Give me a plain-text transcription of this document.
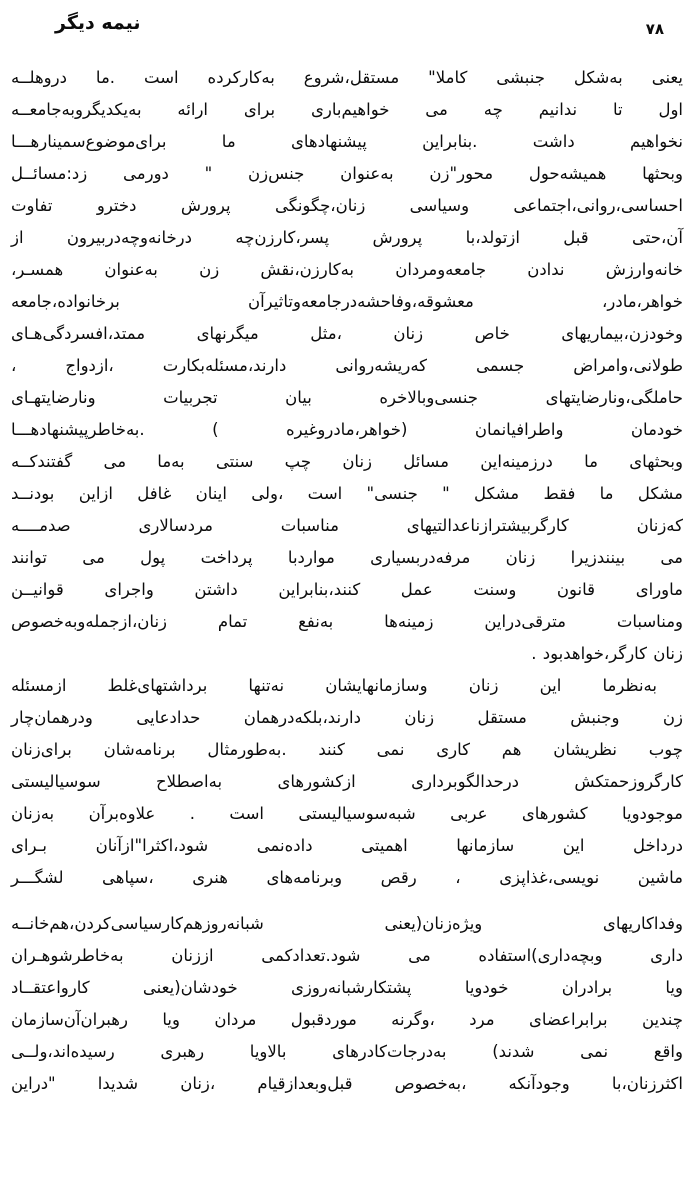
نیمه دیگر	۷۸
یعنی به‌شکل جنبشی کاملا" مستقل،شروع به‌کارکرده است .ما دروهلــه
اول تا ندانیم چه می خواهیم‌باری برای ارائه به‌یکدیگروبه‌جامعــه
نخواهیم داشت .بنابراین پیشنهادهای ما برای‌موضوع‌سمینارهـــا
وبحثها همیشه‌حول محور"زن به‌عنوان جنس‌زن " دورمی زد:مسائــل
احساسی،روانی،اجتماعی وسیاسی زنان،چگونگی پرورش دخترو تفاوت
آن،حتی قبل ازتولد،با پرورش پسر،کارزن‌چه درخانه‌وچه‌دربیرون از
خانه‌وارزش ندادن جامعه‌ومردان به‌کارزن،نقش زن به‌عنوان همسـر،
خواهر،مادر، معشوقه،وفاحشه‌درجامعه‌وتاثیرآن برخانواده،جامعه
وخودزن،بیماریهای خاص زنان ،مثل میگرنهای ممتد،افسردگی‌هـای
طولانی،وامراض جسمی که‌ریشه‌روانی دارند،مسئله‌بکارت ،ازدواج ،
حاملگی،ونارضایتهای جنسی‌وبالاخره بیان تجربیات ونارضایتهـای
خودمان واطرافیانمان (خواهر،مادروغیره ) .به‌خاطرپیشنهادهـــا
وبحثهای ما درزمینه‌این مسائل زنان چپ سنتی به‌ما می گفتندکــه
مشکل ما فقط مشکل " جنسی" است ،ولی اینان غافل ازاین بودنــد
که‌زنان کارگربیشترازناعدالتیهای مناسبات مردسالاری صدمــــه
می بینندزیرا زنان مرفه‌دربسیاری مواردبا پرداخت پول می توانند
ماورای قانون وسنت عمل کنند،بنابراین داشتن واجرای قوانیــن
ومناسبات مترقی‌دراین زمینه‌ها به‌نفع تمام زنان،ازجمله‌وبه‌خصوص
زنان کارگر،خواهدبود .
به‌نظرما این زنان وسازمانهایشان نه‌تنها برداشتهای‌غلط ازمسئله
زن وجنبش مستقل زنان دارند،بلکه‌درهمان حدادعایی ودرهمان‌چار
چوب نظریشان هم کاری نمی کنند .به‌طورمثال برنامه‌شان برای‌زنان
کارگروزحمتکش درحدالگوبرداری ازکشورهای به‌اصطلاح سوسیالیستی
موجودویا کشورهای عربی شبه‌سوسیالیستی است . علاوه‌برآن به‌زنان
درداخل این سازمانها اهمیتی داده‌نمی شود،اکثرا"ازآنان بـرای
ماشین نویسی،غذاپزی ، رقص وبرنامه‌های هنری ،سپاهی لشگـــر
وفداکاریهای ویژه‌زنان(یعنی شبانه‌روزهم‌کارسیاسی‌کردن،هم‌خانــه
داری وبچه‌داری)استفاده می شود.تعدادکمی اززنان به‌خاطرشوهـران
ویا برادران خودویا پشتکارشبانه‌روزی خودشان(یعنی کارواعتقــاد
چندین برابراعضای مرد ،وگرنه موردقبول مردان ویا رهبران‌آن‌سازمان
واقع نمی شدند) به‌درجات‌کادرهای بالاویا رهبری رسیده‌اند،ولــی
اکثرزنان،با وجودآنکه ،به‌خصوص قبل‌وبعدازقیام ،زنان شدیدا "دراین
